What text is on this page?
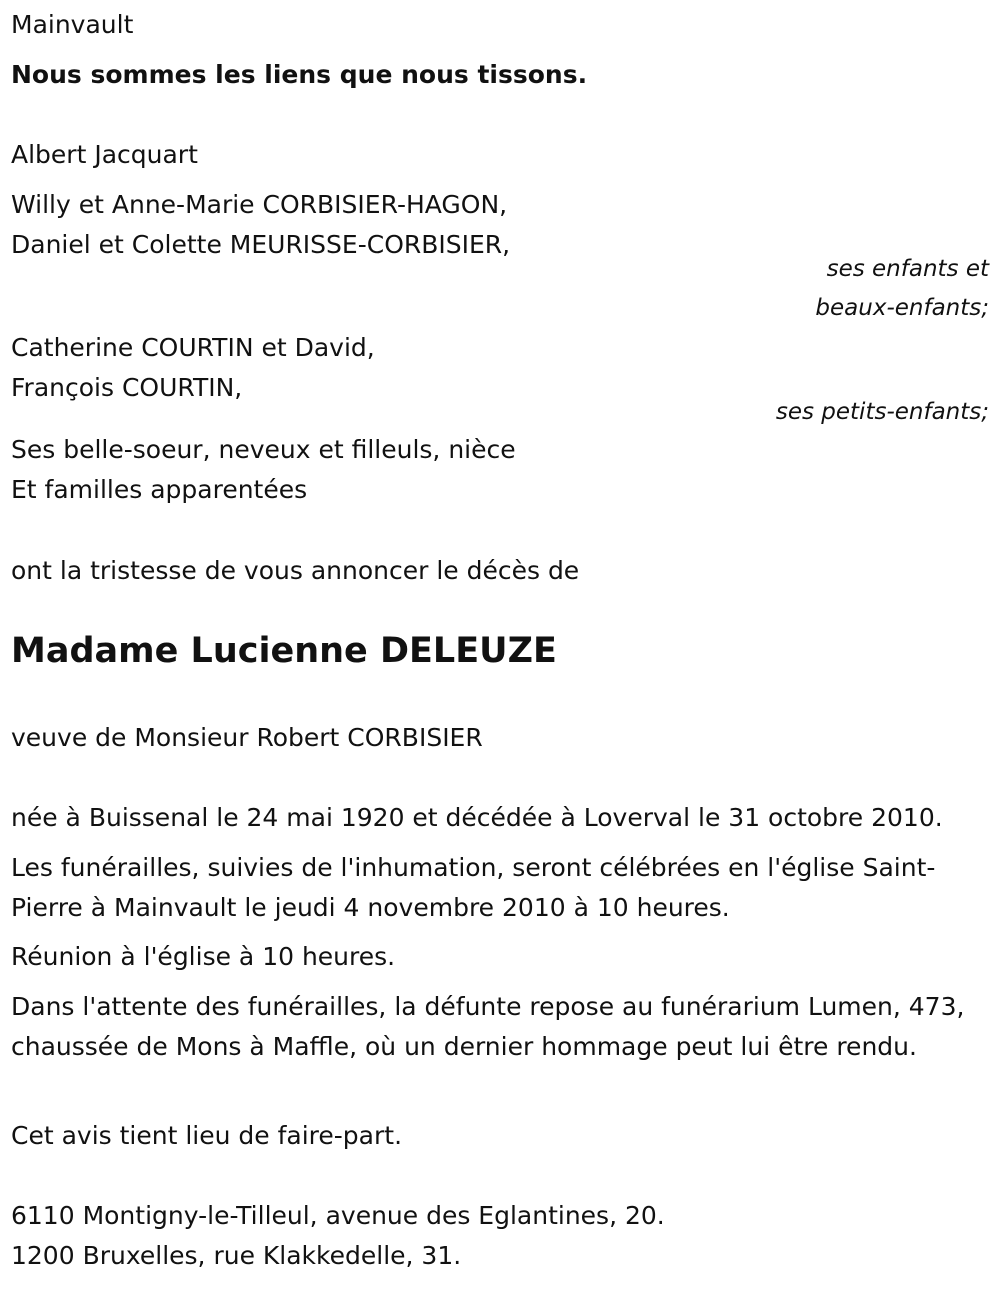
Mainvault
Nous sommes les liens que nous tissons.
Albert Jacquart
Willy et Anne-Marie CORBISIER-HAGON,
Daniel et Colette MEURISSE-CORBISIER,
ses enfants et
beaux-enfants;
Catherine COURTIN et David,
François COURTIN,
ses petits-enfants;
Ses belle-soeur, neveux et filleuls, nièce
Et familles apparentées
ont la tristesse de vous annoncer le décès de
Madame Lucienne DELEUZE
veuve de Monsieur Robert CORBISIER
née à Buissenal le 24 mai 1920 et décédée à Loverval le 31 octobre 2010.
Les funérailles, suivies de l'inhumation, seront célébrées en l'église Saint-Pierre à Mainvault le jeudi 4 novembre 2010 à 10 heures.
Réunion à l'église à 10 heures.
Dans l'attente des funérailles, la défunte repose au funérarium Lumen, 473, chaussée de Mons à Maffle, où un dernier hommage peut lui être rendu.
Cet avis tient lieu de faire-part.
6110 Montigny-le-Tilleul, avenue des Eglantines, 20.
1200 Bruxelles, rue Klakkedelle, 31.
